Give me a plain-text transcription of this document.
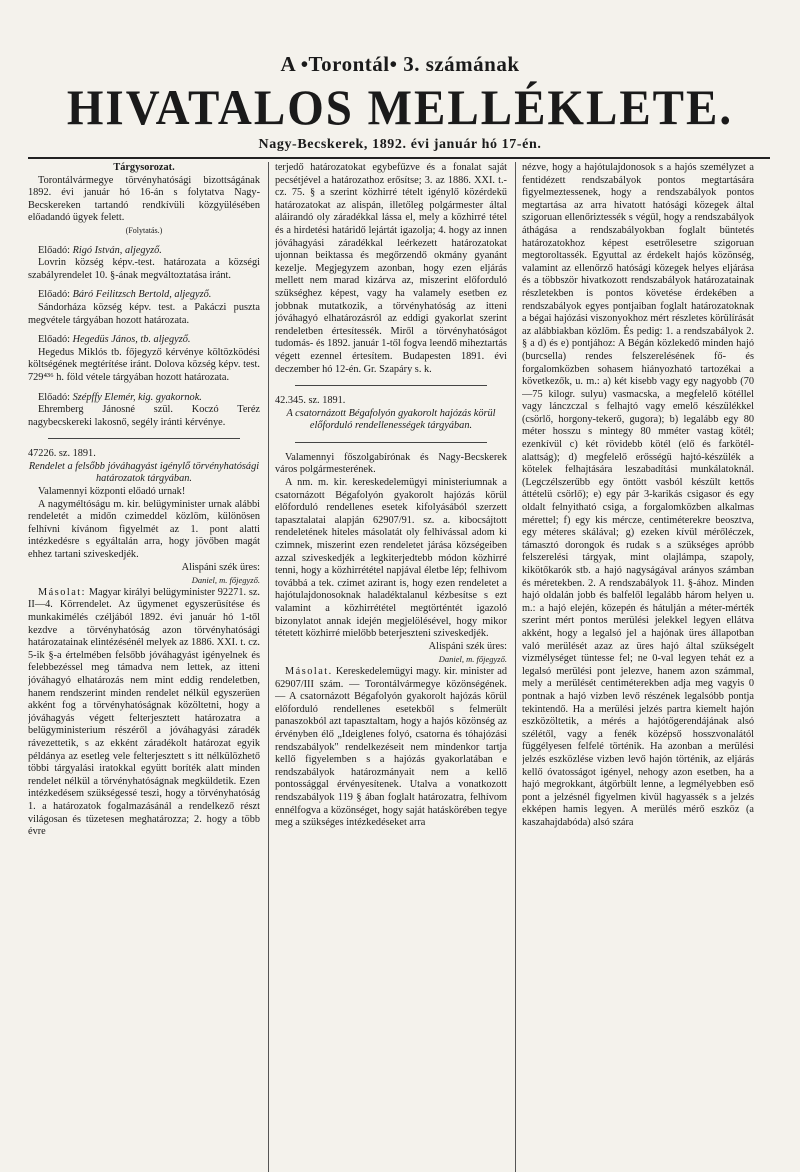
A •Torontál• 3. számának
HIVATALOS MELLÉKLETE.
Nagy-Becskerek, 1892. évi január hó 17-én.

Tárgysorozat.

Torontálvármegye törvényhatósági bizottságának 1892. évi január hó 16-án s folytatva Nagy-Becskereken tartandó rendkívüli közgyülésében előadandó ügyek felett.

(Folytatás.)

Előadó: Rigó István, aljegyző.

Lovrin község képv.-test. határozata a községi szabályrendelet 10. §-ának megváltoztatása iránt.

Előadó: Báró Feilitzsch Bertold, aljegyző.

Sándorháza község képv. test. a Pakáczi puszta megvétele tárgyában hozott határozata.

Előadó: Hegedüs János, tb. aljegyző.

Hegedus Miklós tb. főjegyző kérvénye költözködési költségének megtérítése iránt. Dolova község képv. test. 729⁴³⁶ h. föld vétele tárgyában hozott határozata.

Előadó: Szépffy Elemér, kig. gyakornok.

Ehremberg Jánosné szül. Koczó Teréz nagybecskereki lakosnő, segély iránti kérvénye.

47226. sz. 1891.

Rendelet a felsőbb jóváhagyást igénylő törvényhatósági határozatok tárgyában.

Valamennyi központi előadó urnak!

A nagyméltóságu m. kir. belügyminister urnak alábbi rendeletét a midőn czimeddel közlöm, különösen felhívni kívánom figyelmét az 1. pont alatti intézkedésre s egyáltalán arra, hogy jövőben magát ehhez tartani sziveskedjék.

Alispáni szék üres:

Daniel, m. főjegyző.

Másolat: Magyar királyi belügyminister 92271. sz. II—4. Körrendelet. Az ügymenet egyszerüsítése és munkakimélés czéljából 1892. évi január hó 1-től kezdve a törvényhatóság azon törvényhatósági határozatainak elintézésénél melyek az 1886. XXI. t. cz. 5-ik §-a értelmében felsőbb jóváhagyást igényelnek és felebbezéssel meg támadva nem lettek, az itteni jóváhagyó elhatározás nem mint eddig rendeletben, hanem rendszerint minden rendelet nélkül egyszerüen akként fog a törvényhatóságnak közöltetni, hogy a jóváhagyás végett felterjesztett határozatra a belügyministerium részéről a jóváhagyási záradék rávezettetik, s az ekként záradékolt határozat egyik példánya az esetleg vele felterjesztett s itt nélkülözhető többi tárgyalási iratokkal együtt boríték alatt minden rendelet nélkül a törvényhatóságnak megküldetik. Ezen intézkedésem szükségessé teszi, hogy a törvényhatóság 1. a határozatok fogalmazásánál a rendelkező részt világosan és tüzetesen meghatározza; 2. hogy a több évre

terjedő határozatokat egybefűzve és a fonalat saját pecsétjével a határozathoz erősítse; 3. az 1886. XXI. t.-cz. 75. § a szerint közhirré tételt igénylő közérdekű határozatokat az alispán, illetőleg polgármester által aláirandó oly záradékkal lássa el, mely a közhirré tétel és a hirdetési határidő lejártát igazolja; 4. hogy az innen jóváhagyási záradékkal leérkezett határozatokat ujonnan beiktassa és megőrzendő okmány gyanánt kezelje. Megjegyzem azonban, hogy ezen eljárás mellett nem marad kizárva az, miszerint előforduló szükséghez képest, vagy ha valamely esetben ez jobbnak mutatkozik, a törvényhatóság az itteni jóváhagyó elhatározásról az eddigi gyakorlat szerint rendeletben értesítessék. Miről a törvényhatóságot tudomás- és 1892. január 1-től fogva leendő miheztartás végett ezennel értesítem. Budapesten 1891. évi deczember hó 12-én. Gr. Szapáry s. k.

42.345. sz. 1891.

A csatornázott Bégafolyón gyakorolt hajózás körül előforduló rendellenességek tárgyában.

Valamennyi főszolgabírónak és Nagy-Becskerek város polgármesterének.

A nm. m. kir. kereskedelemügyi ministeriumnak a csatornázott Bégafolyón gyakorolt hajózás körül előforduló rendellenes esetek kifolyásából szerzett tapasztalatai alapján 62907/91. sz. a. kibocsájtott rendeletének hiteles másolatát oly felhivással adom ki czimnek, miszerint ezen rendeletet járása községeiben azzal sziveskedjék a legkiterjedtebb módon közhirré tenni, hogy a közhirrététel napjával életbe lép; felhivom továbbá a tek. czimet azirant is, hogy ezen rendeletet a hajótulajdonosoknak haladéktalanul kézbesítse s ezt valamint a közhirrététel megtörténtét igazoló bizonylatot annak idején megjelölésével, hogy mikor tétetett közhirré mielőbb beterjeszteni sziveskedjék.

Alispáni szék üres:

Daniel, m. főjegyző.

Másolat. Kereskedelemügyi magy. kir. minister ad 62907/III szám. — Torontálvármegye közönségének. — A csatornázott Bégafolyón gyakorolt hajózás körül előforduló rendellenes esetekből s felmerült panaszokból azt tapasztaltam, hogy a hajós közönség az érvényben élő „Ideiglenes folyó, csatorna és tóhajózási rendszabályok" rendelkezéseit nem mindenkor tartja kellő figyelemben s a hajózás gyakorlatában e rendszabályok határozmányait nem a kellő pontossággal érvényesítenek. Utalva a vonatkozott rendszabályok 119 § ában foglalt határozatra, felhívom ennélfogva a közönséget, hogy saját hatáskörében tegye meg a szükséges intézkedéseket arra

nézve, hogy a hajótulajdonosok s a hajós személyzet a fentidézett rendszabályok pontos megtartására figyelmeztessenek, hogy a rendszabályok pontos megtartása az arra hivatott hatósági közegek által szigoruan ellenőriztessék s végül, hogy a rendszabályok áthágása a rendszabályokban foglalt büntetés határozatokhoz képest esetrőlesetre szigoruan megtoroltassék. Egyuttal az érdekelt hajós közönség, valamint az ellenőrző hatósági közegek helyes eljárása és a többször hivatkozott rendszabályok határozatainak részletekben is pontos követése érdekében a rendszabályok egyes pontjaiban foglalt határozatoknak a bégai hajózási viszonyokhoz mért részletes körülírását az alábbiakban közlöm. És pedig: 1. a rendszabályok 2. § a d) és e) pontjához: A Bégán közlekedő minden hajó (burcsella) rendes felszerelésének fő- és forgalomközben sohasem hiányozható tartozékai a következők, u. m.: a) két kisebb vagy egy nagyobb (70—75 kilogr. sulyu) vasmacska, a megfelelő kötéllel vagy lánczczal s felhajtó vagy emelő készülékkel (csörlő, horgony-tekerő, gugora); b) legalább egy 80 méter hosszu s mintegy 80 mméter vastag kötél; ezenkívül c) két rövidebb kötél (elő és farkötél-alattság); d) megfelelő erősségü hajtó-készülék a kötelek felhajtására leszabadítási munkálatoknál. (Legczélszerűbb egy öntött vasból készült kettős áttételü csörlő); e) egy pár 3-karikás csigasor és egy oldalt felnyitható csiga, a forgalomközben alkalmas mérettel; f) egy kis mércze, centiméterekre beosztva, egy méteres skálával; g) ezeken kívül mérőléczek, támasztó dorongok és rudak s a szükséges apróbb felszerelési tárgyak, mint olajlámpa, szapoly, kikötőkarók stb. a hajó nagyságával arányos számban és méretekben. 2. A rendszabályok 11. §-ához. Minden hajó oldalán jobb és balfelől legalább három helyen u. m.: a hajó elején, közepén és hátulján a méter-mérték szerint mért pontos merülési jelekkel legyen ellátva akként, hogy a legalsó jel a hajónak üres állapotban való merülését azaz az üres hajó által szükségelt vizmélységet tüntesse fel; ne 0-val legyen tehát ez a legalsó merülési pont jelezve, hanem azon számmal, mely a merülését centiméterekben adja meg vagyis 0 pontnak a hajó vizben levő részének legalsóbb pontja tekintendő. Ha a merülési jelzés partra kiemelt hajón eszközöltetik, a mérés a hajótőgerendájának alsó szélétől, vagy a fenék középső hosszvonalától függélyesen felfelé történik. Ha azonban a merülési jelzés eszközlése vizben levő hajón történik, az eljárás kellő óvatosságot igényel, nehogy azon esetben, ha a hajó megrokkant, átgörbült lenne, a legmélyebben eső pont a jelzésnél figyelmen kivül hagyassék s a jelzés ekképen hamis legyen. A merülés mérő eszköz (a kaszahajdabóda) alsó szára
